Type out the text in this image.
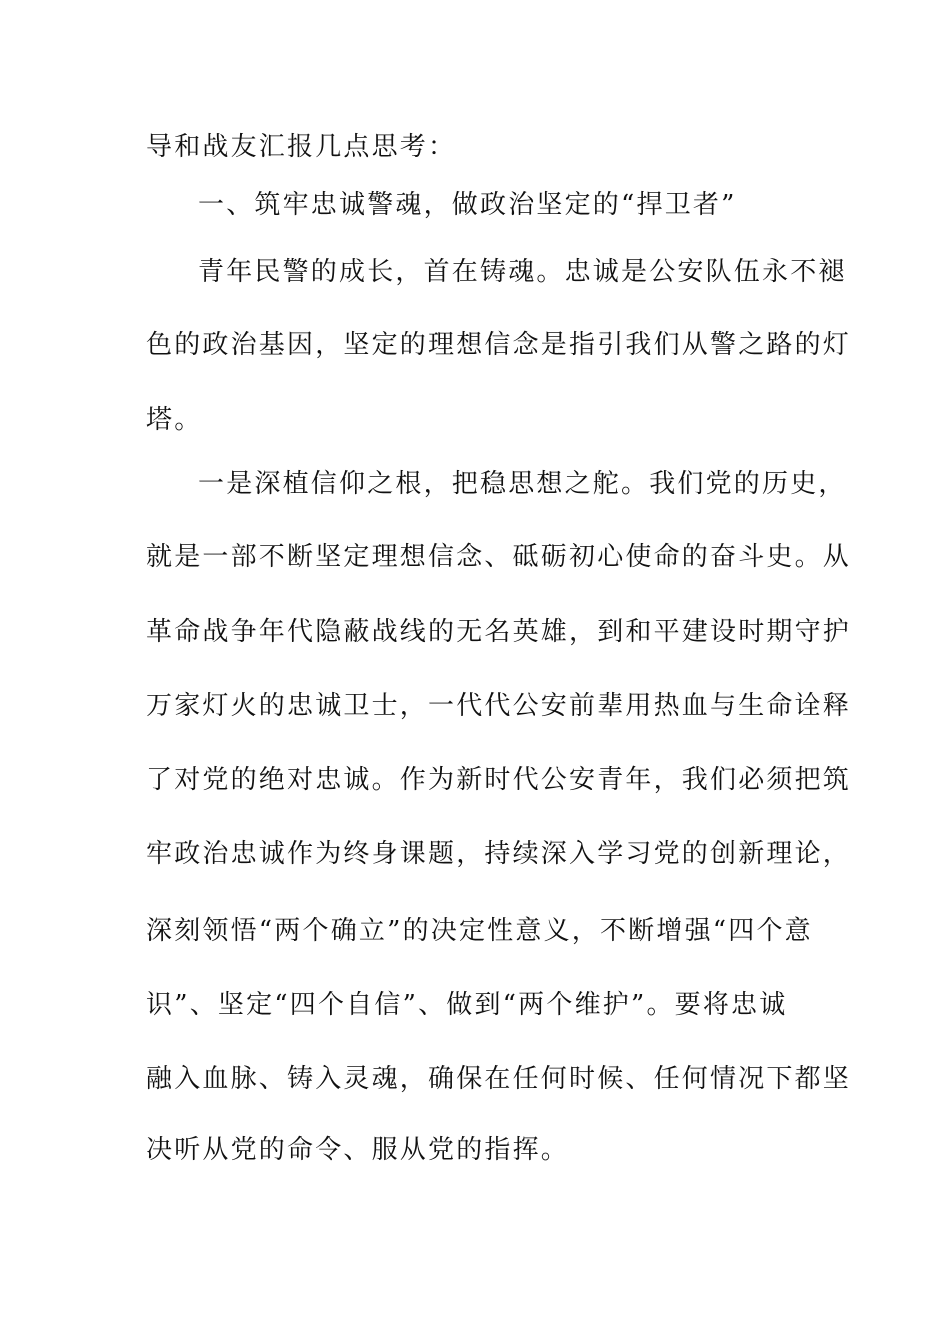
导和战友汇报几点思考：
一、筑牢忠诚警魂，做政治坚定的“捍卫者”
青年民警的成长，首在铸魂。忠诚是公安队伍永不褪
色的政治基因，坚定的理想信念是指引我们从警之路的灯
塔。
一是深植信仰之根，把稳思想之舵。我们党的历史，
就是一部不断坚定理想信念、砥砺初心使命的奋斗史。从
革命战争年代隐蔽战线的无名英雄，到和平建设时期守护
万家灯火的忠诚卫士，一代代公安前辈用热血与生命诠释
了对党的绝对忠诚。作为新时代公安青年，我们必须把筑
牢政治忠诚作为终身课题，持续深入学习党的创新理论，
深刻领悟“两个确立”的决定性意义，不断增强“四个意
识”、坚定“四个自信”、做到“两个维护”。要将忠诚
融入血脉、铸入灵魂，确保在任何时候、任何情况下都坚
决听从党的命令、服从党的指挥。
